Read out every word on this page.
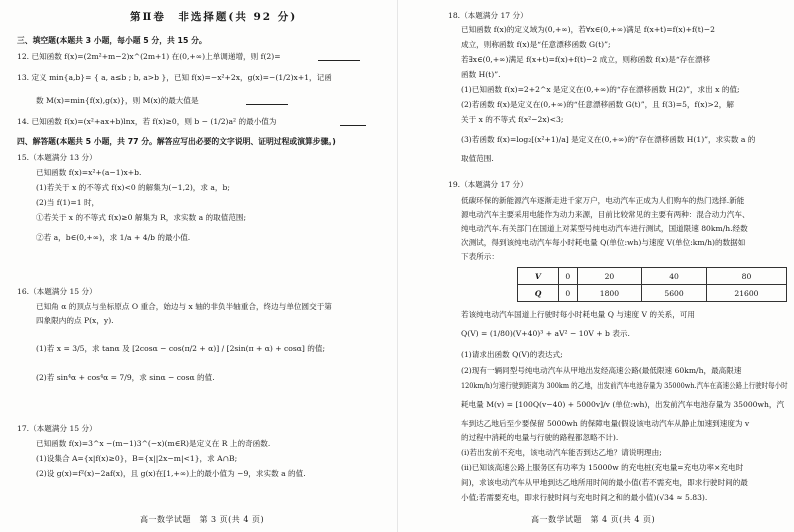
第Ⅱ卷　非选择题(共 92 分)
三、填空题(本题共 3 小题，每小题 5 分，共 15 分。
12. 已知函数 f(x)=(2m²+m−2)x^(2m+1) 在(0,+∞)上单调递增，则 f(2)=
13. 定义 min{a,b}= { a, a≤b ; b, a>b }，已知 f(x)=−x²+2x，g(x)=−(1/2)x+1，记函
数 M(x)=min{f(x),g(x)}，则 M(x)的最大值是
14. 已知函数 f(x)=(x²+ax+b)lnx，若 f(x)≥0，则 b − (1/2)a² 的最小值为
四、解答题(本题共 5 小题，共 77 分。解答应写出必要的文字说明、证明过程或演算步骤。)
15.（本题满分 13 分）
已知函数 f(x)=x²+(a−1)x+b.
(1)若关于 x 的不等式 f(x)<0 的解集为(−1,2)，求 a，b;
(2)当 f(1)=1 时，
①若关于 x 的不等式 f(x)≥0 解集为 R，求实数 a 的取值范围;
②若 a，b∈(0,+∞)，求 1/a + 4/b 的最小值.
16.（本题满分 15 分）
已知角 α 的顶点与坐标原点 O 重合，始边与 x 轴的非负半轴重合，终边与单位圆交于第
四象限内的点 P(x，y).
(1)若 x = 3/5，求 tanα 及 [2cosα − cos(π/2 + α)] / [2sin(π + α) + cosα] 的值;
(2)若 sin⁴α + cos⁴α = 7/9，求 sinα − cosα 的值.
17.（本题满分 15 分）
已知函数 f(x)=3^x −(m−1)3^(−x)(m∈R)是定义在 R 上的奇函数.
(1)设集合 A={x|f(x)≥0}，B={x||2x−m|<1}，求 A∩B;
(2)设 g(x)=f²(x)−2af(x)，且 g(x)在[1,+∞)上的最小值为 −9，求实数 a 的值.
高一数学试题　第 3 页(共 4 页)
18.（本题满分 17 分）
已知函数 f(x)的定义域为(0,+∞)，若∀x∈(0,+∞)满足 f(x+t)=f(x)+f(t)−2
成立，则称函数 f(x)是“任意漂移函数 G(t)”;
若∃x∈(0,+∞)满足 f(x+t)=f(x)+f(t)−2 成立，则称函数 f(x)是“存在漂移
函数 H(t)”.
(1)已知函数 f(x)=2+2^x 是定义在(0,+∞)的“存在漂移函数 H(2)”，求出 x 的值;
(2)若函数 f(x)是定义在(0,+∞)的“任意漂移函数 G(t)”，且 f(3)=5，f(x)>2，解
关于 x 的不等式 f(x²−2x)<3;
(3)若函数 f(x)=log₂[(x²+1)/a] 是定义在(0,+∞)的“存在漂移函数 H(1)”，求实数 a 的
取值范围.
19.（本题满分 17 分）
低碳环保的新能源汽车逐渐走进千家万户，电动汽车正成为人们购车的热门选择.新能
源电动汽车主要采用电能作为动力来源，目前比较常见的主要有两种：混合动力汽车、
纯电动汽车.有关部门在国道上对某型号纯电动汽车进行测试，国道限速 80km/h.经数
次测试，得到该纯电动汽车每小时耗电量 Q(单位:wh)与速度 V(单位:km/h)的数据如
下表所示：
V	0	20	40	80
Q	0	1800	5600	21600
若该纯电动汽车国道上行驶时每小时耗电量 Q 与速度 V 的关系，可用
Q(V) = (1/80)(V+40)³ + aV² − 10V + b 表示.
(1)请求出函数 Q(V)的表达式;
(2)现有一辆同型号纯电动汽车从甲地出发经高速公路(最低限速 60km/h，最高限速
120km/h)匀速行驶到距离为 300km 的乙地，出发前汽车电池存量为 35000wh.汽车在高速公路上行驶时每小时
耗电量 M(v) = [100Q(v−40) + 5000v]/v (单位:wh)，出发前汽车电池存量为 35000wh，汽
车到达乙地后至少要保留 5000wh 的保障电量(假设该电动汽车从静止加速到速度为 v
的过程中消耗的电量与行驶的路程都忽略不计).
(ⅰ)若出发前不充电，该电动汽车能否到达乙地？请说明理由;
(ⅱ)已知该高速公路上服务区有功率为 15000w 的充电桩(充电量=充电功率×充电时
间)，求该电动汽车从甲地到达乙地所用时间的最小值(若不需充电，即求行驶时间的最
小值;若需要充电，即求行驶时间与充电时间之和的最小值)(√34 ≈ 5.83).
高一数学试题　第 4 页(共 4 页)
